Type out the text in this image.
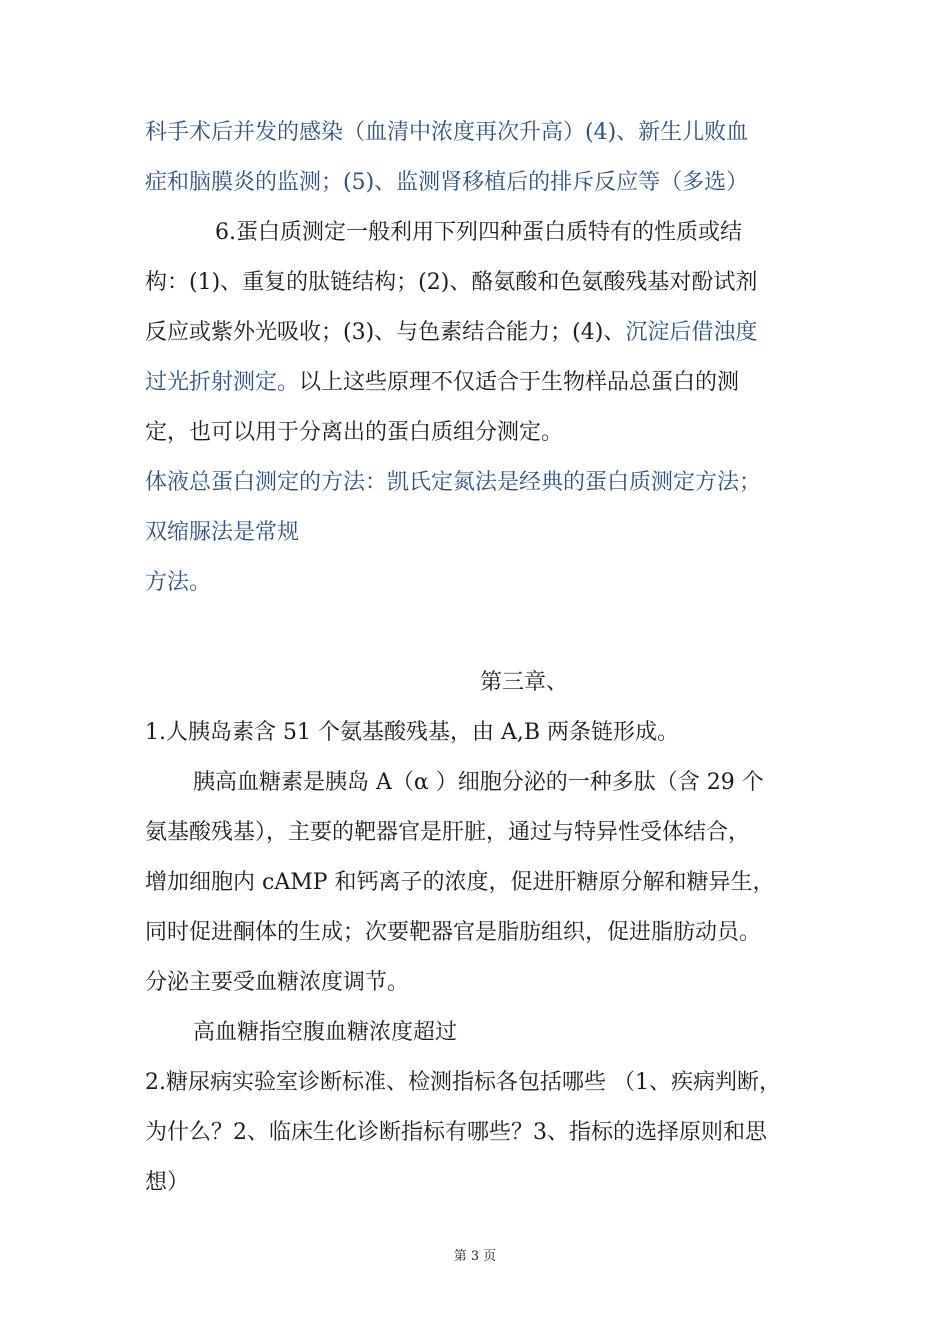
科手术后并发的感染（血清中浓度再次升高）(4)、新生儿败血
症和脑膜炎的监测；(5)、监测肾移植后的排斥反应等（多选）
6.蛋白质测定一般利用下列四种蛋白质特有的性质或结
构：(1)、重复的肽链结构；(2)、酪氨酸和色氨酸残基对酚试剂
反应或紫外光吸收；(3)、与色素结合能力；(4)、沉淀后借浊度
过光折射测定。以上这些原理不仅适合于生物样品总蛋白的测
定，也可以用于分离出的蛋白质组分测定。
体液总蛋白测定的方法：凯氏定氮法是经典的蛋白质测定方法；
双缩脲法是常规
方法。
第三章、
1.人胰岛素含 51 个氨基酸残基，由 A,B 两条链形成。
胰高血糖素是胰岛 A（α ）细胞分泌的一种多肽（含 29 个
氨基酸残基），主要的靶器官是肝脏，通过与特异性受体结合，
增加细胞内 cAMP 和钙离子的浓度，促进肝糖原分解和糖异生，
同时促进酮体的生成；次要靶器官是脂肪组织，促进脂肪动员。
分泌主要受血糖浓度调节。
高血糖指空腹血糖浓度超过
2.糖尿病实验室诊断标准、检测指标各包括哪些 （1、疾病判断，
为什么？2、临床生化诊断指标有哪些？3、指标的选择原则和思
想）
第 3 页
